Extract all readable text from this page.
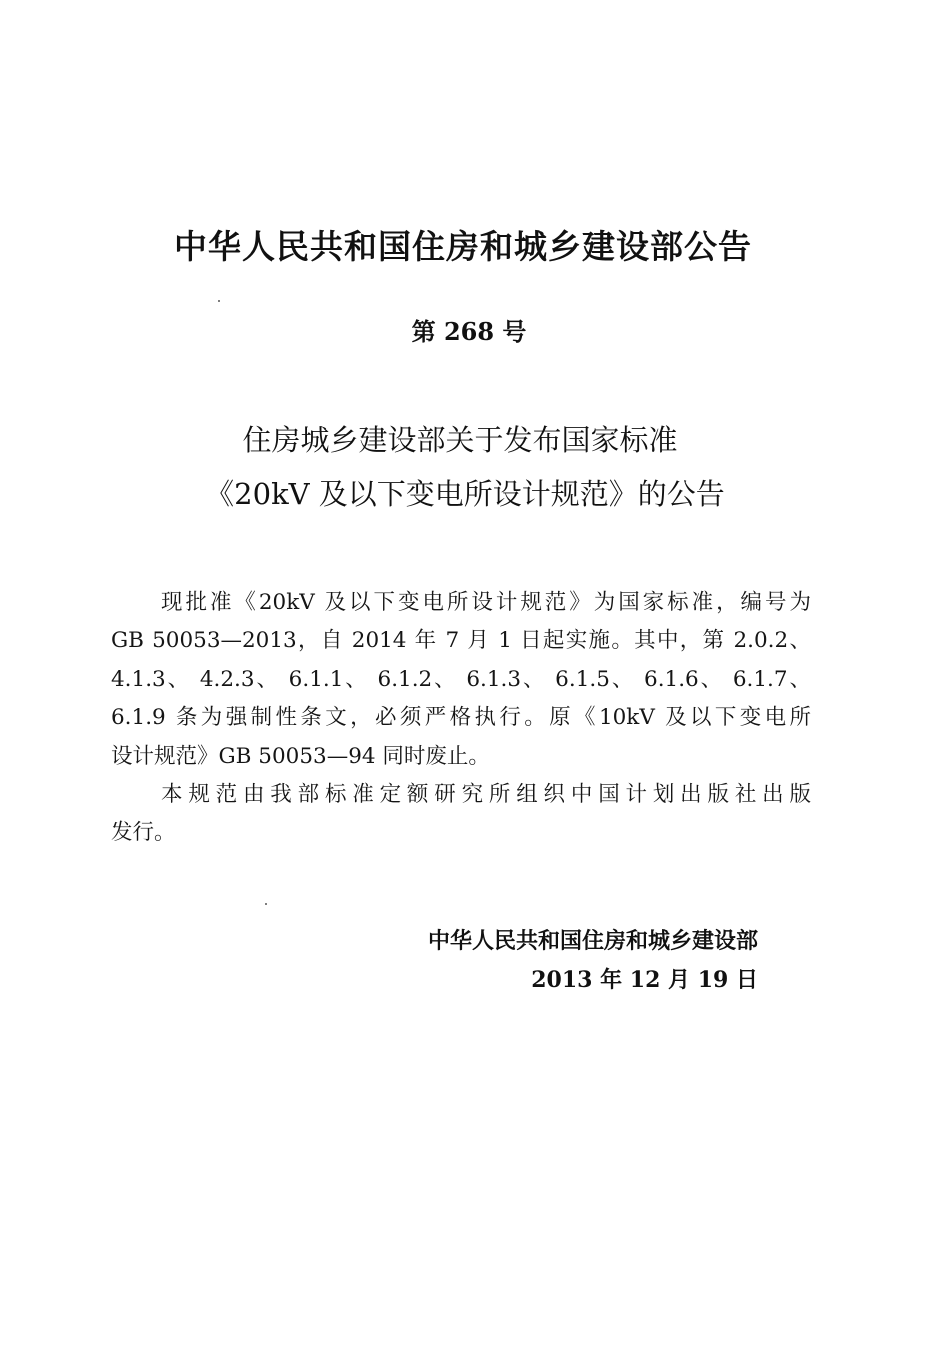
中华人民共和国住房和城乡建设部公告
第 268 号
住房城乡建设部关于发布国家标准
《20kV 及以下变电所设计规范》的公告
现批准《20kV 及以下变电所设计规范》为国家标准，编号为
GB 50053—2013，自 2014 年 7 月 1 日起实施。其中，第 2.0.2、
4.1.3、 4.2.3、 6.1.1、 6.1.2、 6.1.3、 6.1.5、 6.1.6、 6.1.7、
6.1.9 条为强制性条文，必须严格执行。原《10kV 及以下变电所
设计规范》GB 50053—94 同时废止。
本规范由我部标准定额研究所组织中国计划出版社出版
发行。
中华人民共和国住房和城乡建设部
2013 年 12 月 19 日
